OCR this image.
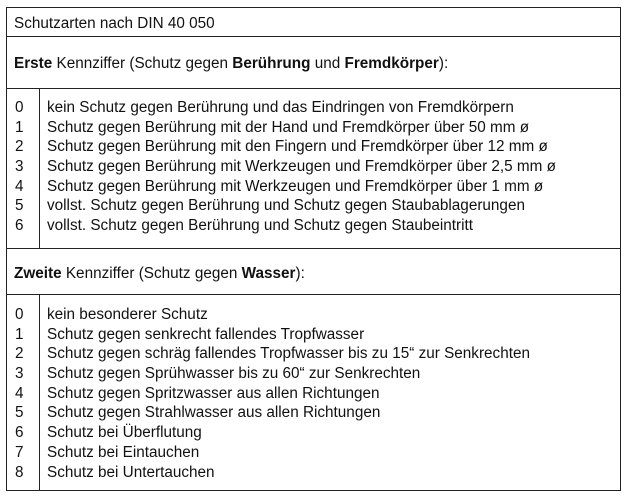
Schutzarten nach DIN 40 050
Erste Kennziffer (Schutz gegen Berührung und Fremdkörper):
0 kein Schutz gegen Berührung und das Eindringen von Fremdkörpern
1 Schutz gegen Berührung mit der Hand und Fremdkörper über 50 mm ø
2 Schutz gegen Berührung mit den Fingern und Fremdkörper über 12 mm ø
3 Schutz gegen Berührung mit Werkzeugen und Fremdkörper über 2,5 mm ø
4 Schutz gegen Berührung mit Werkzeugen und Fremdkörper über 1 mm ø
5 vollst. Schutz gegen Berührung und Schutz gegen Staubablagerungen
6 vollst. Schutz gegen Berührung und Schutz gegen Staubeintritt
Zweite Kennziffer (Schutz gegen Wasser):
0 kein besonderer Schutz
1 Schutz gegen senkrecht fallendes Tropfwasser
2 Schutz gegen schräg fallendes Tropfwasser bis zu 15“ zur Senkrechten
3 Schutz gegen Sprühwasser bis zu 60“ zur Senkrechten
4 Schutz gegen Spritzwasser aus allen Richtungen
5 Schutz gegen Strahlwasser aus allen Richtungen
6 Schutz bei Überflutung
7 Schutz bei Eintauchen
8 Schutz bei Untertauchen
